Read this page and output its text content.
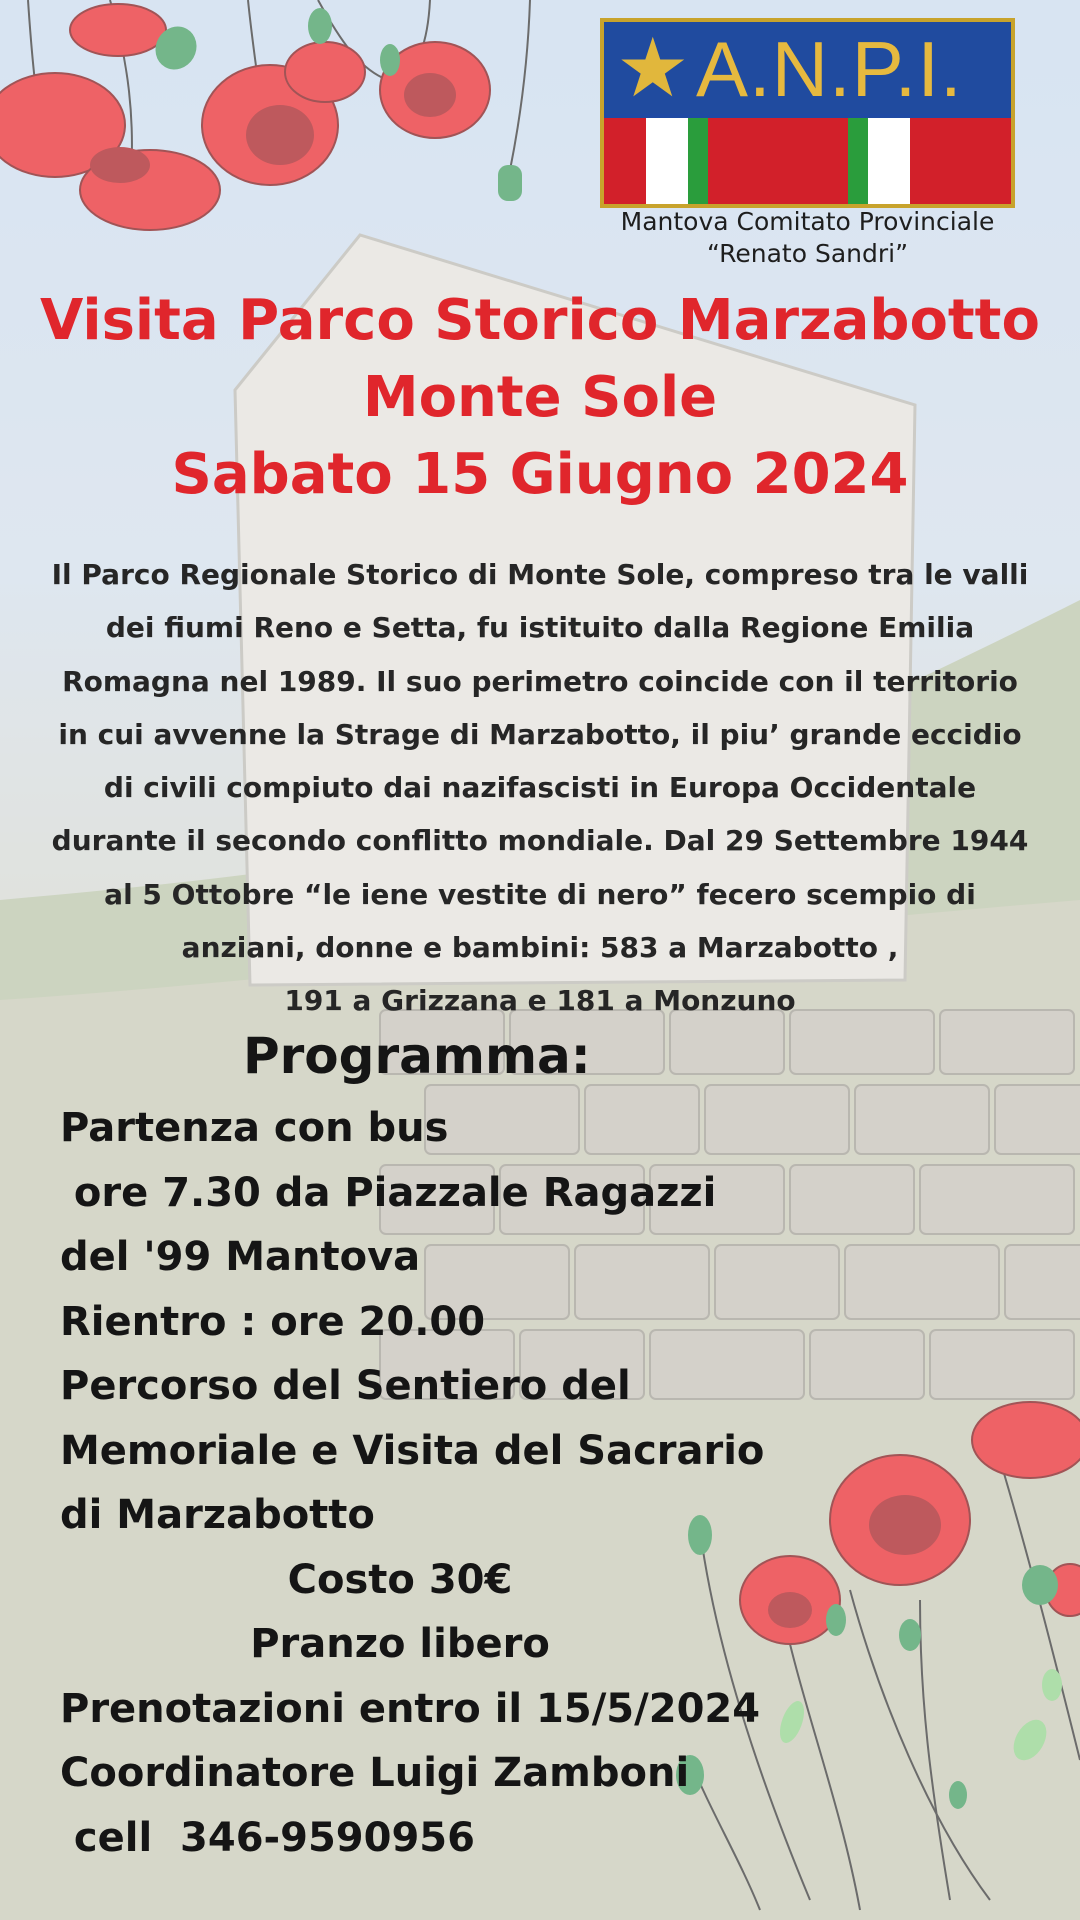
★ A.N.P.I.
Mantova Comitato Provinciale
“Renato Sandri”
Visita Parco Storico Marzabotto
Monte Sole
Sabato 15 Giugno 2024
Il Parco Regionale Storico di Monte Sole, compreso tra le valli
dei fiumi Reno e Setta, fu istituito dalla Regione Emilia
Romagna nel 1989. Il suo perimetro coincide con il territorio
in cui avvenne la Strage di Marzabotto, il piu’ grande eccidio
di civili compiuto dai nazifascisti in Europa Occidentale
durante il secondo conflitto mondiale. Dal 29 Settembre 1944
al 5 Ottobre “le iene vestite di nero” fecero scempio di
anziani, donne e bambini: 583 a Marzabotto ,
191 a Grizzana e 181 a Monzuno
Programma:
Partenza con bus
ore 7.30 da Piazzale Ragazzi
del '99 Mantova
Rientro : ore 20.00
Percorso del Sentiero del
Memoriale e Visita del Sacrario
di Marzabotto
Costo 30€
Pranzo libero
Prenotazioni entro il 15/5/2024
Coordinatore Luigi Zamboni
cell  346-9590956
